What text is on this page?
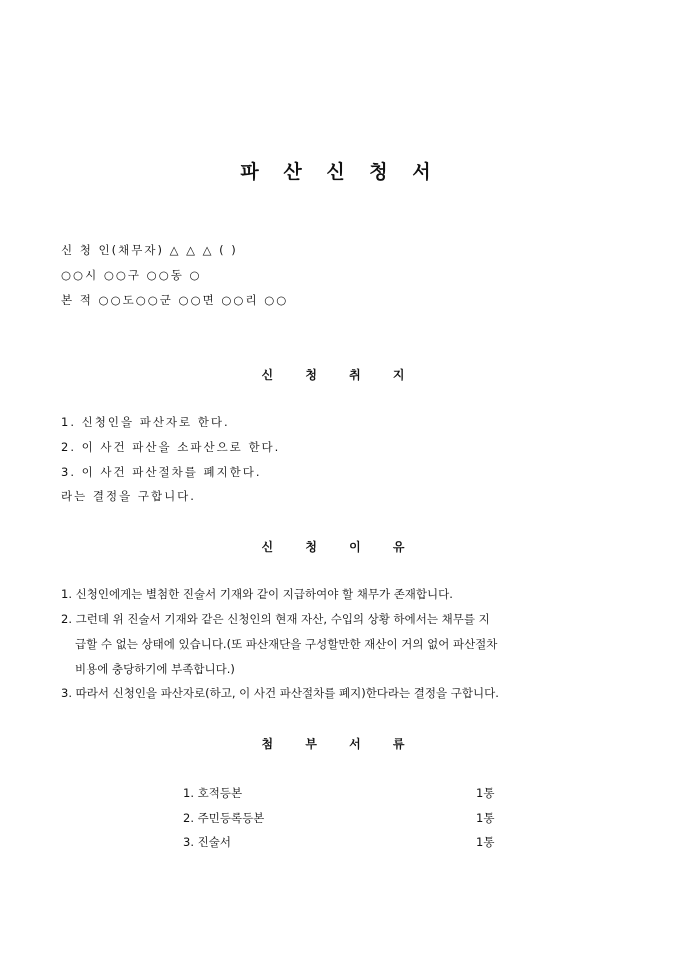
파 산 신 청 서
신 청 인(채무자) △ △ △ ( )
○○시 ○○구 ○○동 ○
본 적 ○○도○○군 ○○면 ○○리 ○○
신 청 취 지
1. 신청인을 파산자로 한다.
2. 이 사건 파산을 소파산으로 한다.
3. 이 사건 파산절차를 폐지한다.
라는 결정을 구합니다.
신 청 이 유
1. 신청인에게는 별첨한 진술서 기재와 같이 지급하여야 할 채무가 존재합니다.
2. 그런데 위 진술서 기재와 같은 신청인의 현재 자산, 수입의 상황 하에서는 채무를 지
급할 수 없는 상태에 있습니다.(또 파산재단을 구성할만한 재산이 거의 없어 파산절차
비용에 충당하기에 부족합니다.)
3. 따라서 신청인을 파산자로(하고, 이 사건 파산절차를 폐지)한다라는 결정을 구합니다.
첨 부 서 류
1. 호적등본	1통
2. 주민등록등본	1통
3. 진술서	1통
